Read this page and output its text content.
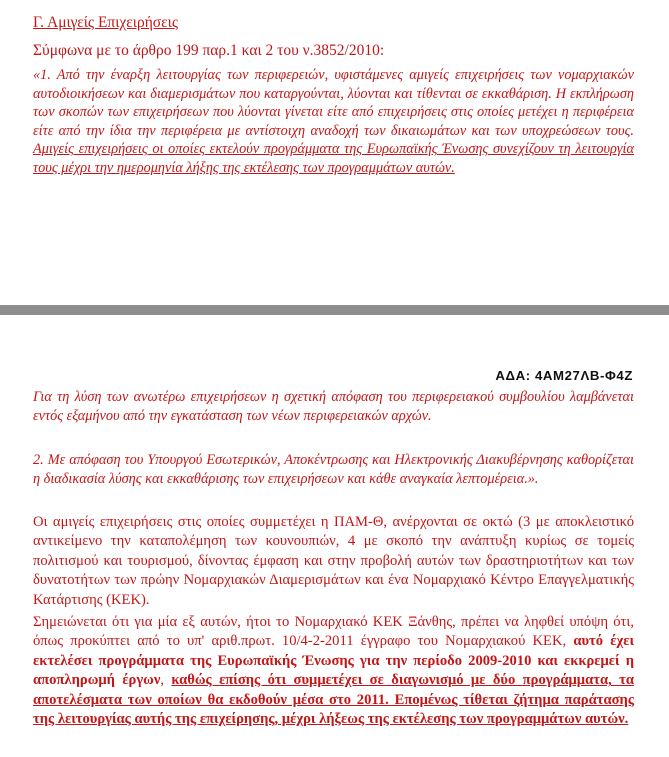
Γ. Αμιγείς Επιχειρήσεις
Σύμφωνα με το άρθρο 199 παρ.1 και 2 του ν.3852/2010:
«1. Από την έναρξη λειτουργίας των περιφερειών, υφιστάμενες αμιγείς επιχειρήσεις των νομαρχιακών αυτοδιοικήσεων και διαμερισμάτων που καταργούνται, λύονται και τίθενται σε εκκαθάριση. Η εκπλήρωση των σκοπών των επιχειρήσεων που λύονται γίνεται είτε από επιχειρήσεις στις οποίες μετέχει η περιφέρεια είτε από την ίδια την περιφέρεια με αντίστοιχη αναδοχή των δικαιωμάτων και των υποχρεώσεων τους. Αμιγείς επιχειρήσεις οι οποίες εκτελούν προγράμματα της Ευρωπαϊκής Ένωσης συνεχίζουν τη λειτουργία τους μέχρι την ημερομηνία λήξης της εκτέλεσης των προγραμμάτων αυτών.
ΑΔΑ: 4ΑΜ27ΛΒ-Φ4Ζ
Για τη λύση των ανωτέρω επιχειρήσεων η σχετική απόφαση του περιφερειακού συμβουλίου λαμβάνεται εντός εξαμήνου από την εγκατάσταση των νέων περιφερειακών αρχών.
2. Με απόφαση του Υπουργού Εσωτερικών, Αποκέντρωσης και Ηλεκτρονικής Διακυβέρνησης καθορίζεται η διαδικασία λύσης και εκκαθάρισης των επιχειρήσεων και κάθε αναγκαία λεπτομέρεια.».
Οι αμιγείς επιχειρήσεις στις οποίες συμμετέχει η ΠΑΜ-Θ, ανέρχονται σε οκτώ (3 με αποκλειστικό αντικείμενο την καταπολέμηση των κουνουπιών, 4 με σκοπό την ανάπτυξη κυρίως σε τομείς πολιτισμού και τουρισμού, δίνοντας έμφαση και στην προβολή αυτών των δραστηριοτήτων και των δυνατοτήτων των πρώην Νομαρχιακών Διαμερισμάτων και ένα Νομαρχιακό Κέντρο Επαγγελματικής Κατάρτισης (ΚΕΚ).
Σημειώνεται ότι για μία εξ αυτών, ήτοι το Νομαρχιακό ΚΕΚ Ξάνθης, πρέπει να ληφθεί υπόψη ότι, όπως προκύπτει από το υπ' αριθ.πρωτ. 10/4-2-2011 έγγραφο του Νομαρχιακού ΚΕΚ, αυτό έχει εκτελέσει προγράμματα της Ευρωπαϊκής Ένωσης για την περίοδο 2009-2010 και εκκρεμεί η αποπληρωμή έργων, καθώς επίσης ότι συμμετέχει σε διαγωνισμό με δύο προγράμματα, τα αποτελέσματα των οποίων θα εκδοθούν μέσα στο 2011. Επομένως τίθεται ζήτημα παράτασης της λειτουργίας αυτής της επιχείρησης, μέχρι λήξεως της εκτέλεσης των προγραμμάτων αυτών.
